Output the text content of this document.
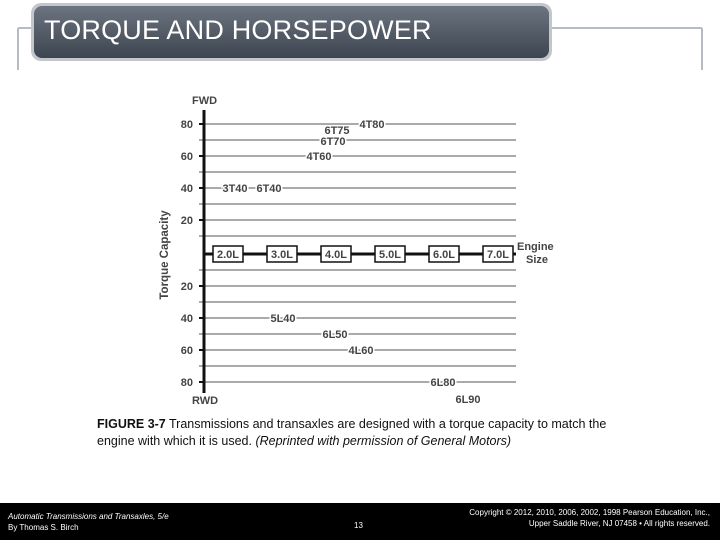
TORQUE AND HORSEPOWER
FWD
RWD
Torque Capacity
80
60
40
20
20
40
60
80
2.0L	3.0L	4.0L	5.0L	6.0L	7.0L
Engine
Size
4T80
6T75
6T70
4T60
3T40 6T40
5L40
6L50
4L60
6L80
6L90
FIGURE 3-7 Transmissions and transaxles are designed with a torque capacity to match the engine with which it is used. (Reprinted with permission of General Motors)
Automatic Transmissions and Transaxles, 5/e
By Thomas S. Birch	13
Copyright © 2012, 2010, 2006, 2002, 1998 Pearson Education, Inc.,
Upper Saddle River, NJ 07458 • All rights reserved.
